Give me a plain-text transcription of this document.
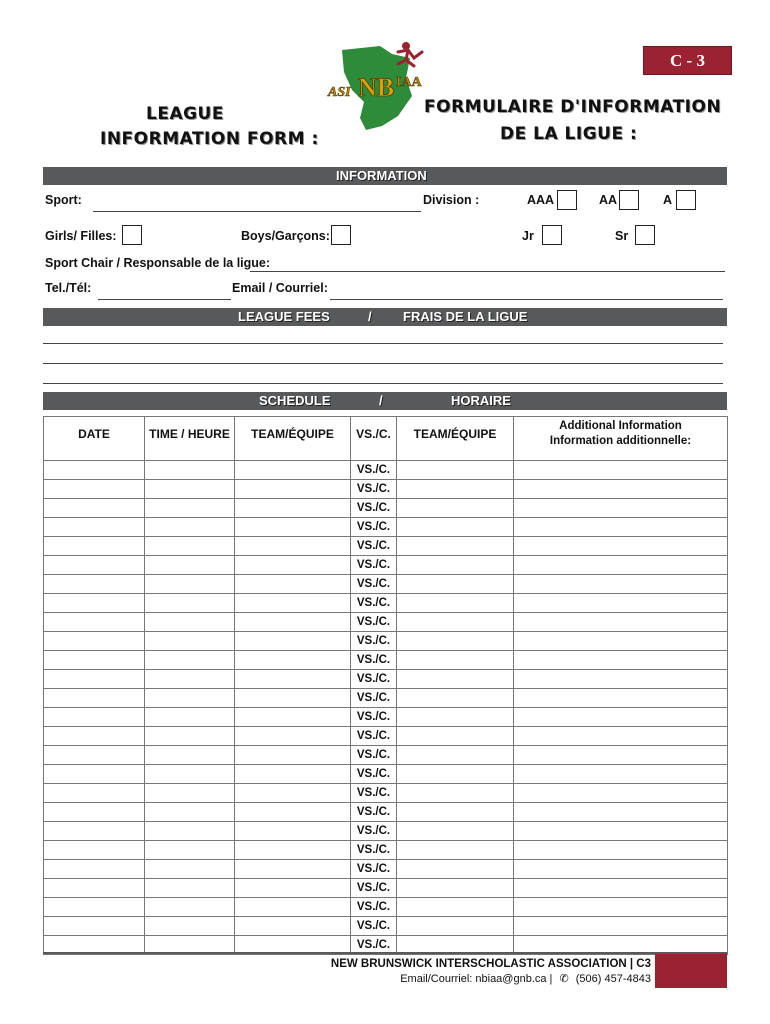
C - 3
ASI NB IAA
LEAGUE
INFORMATION FORM :
FORMULAIRE D'INFORMATION
DE LA LIGUE :
INFORMATION
Sport:	Division :	AAA	AA	A
Girls/ Filles:	Boys/Garçons:	Jr	Sr
Sport Chair / Responsable de la ligue:
Tel./Tél:	Email / Courriel:
LEAGUE FEES	/ FRAIS DE LA LIGUE
SCHEDULE	/	HORAIRE
DATE	TIME / HEURE	TEAM/ÉQUIPE	VS./C.	TEAM/ÉQUIPE	Additional Information
Information additionnelle:

			VS./C.		
			VS./C.		
			VS./C.		
			VS./C.		
			VS./C.		
			VS./C.		
			VS./C.		
			VS./C.		
			VS./C.		
			VS./C.		
			VS./C.		
			VS./C.		
			VS./C.		
			VS./C.		
			VS./C.		
			VS./C.		
			VS./C.		
			VS./C.		
			VS./C.		
			VS./C.		
			VS./C.		
			VS./C.		
			VS./C.		
			VS./C.		
			VS./C.		
			VS./C.		
NEW BRUNSWICK INTERSCHOLASTIC ASSOCIATION | C3
Email/Courriel: nbiaa@gnb.ca | ✆ (506) 457-4843
